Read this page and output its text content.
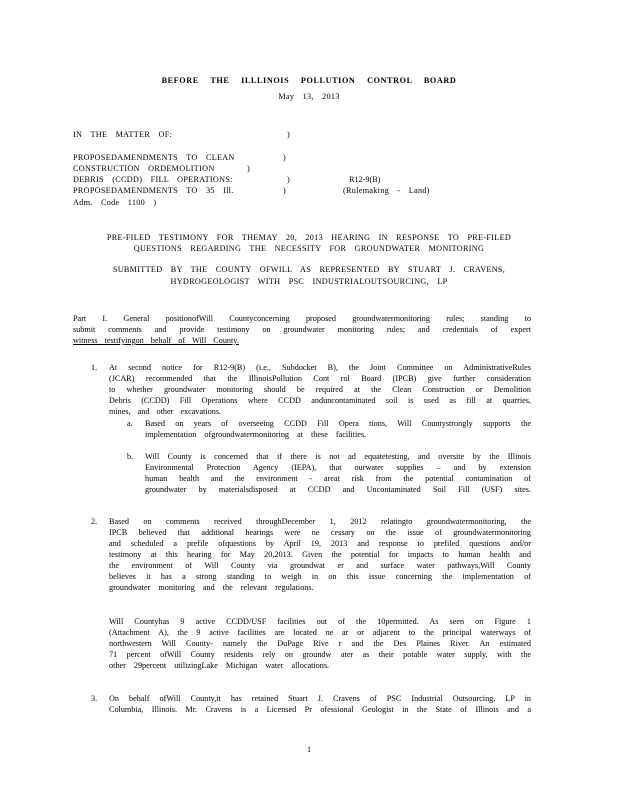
BEFORE THE ILLLINOIS POLLUTION CONTROL BOARD
May 13, 2013
IN THE MATTER OF:	)
PROPOSEDAMENDMENTS TO CLEAN	)
CONSTRUCTION ORDEMOLITION	)
DEBRIS (CCDD) FILL OPERATIONS:	)	R12-9(B)
PROPOSEDAMENDMENTS TO 35 Ill.	)	(Rulemaking - Land)
Adm. Code 1100 )
PRE-FILED TESTIMONY FOR THEMAY 20, 2013 HEARING IN RESPONSE TO PRE-FILED
QUESTIONS REGARDING THE NECESSITY FOR GROUNDWATER MONITORING
SUBMITTED BY THE COUNTY OFWILL AS REPRESENTED BY STUART J. CRAVENS,
HYDROGEOLOGIST WITH PSC INDUSTRIALOUTSOURCING, LP
Part I. General positionofWill Countyconcerning proposed groundwatermonitoring rules; standing to
submit comments and provide testimony on groundwater monitoring rules; and credentials of expert
witness testifyingon behalf of Will County.
1. At second notice for R12-9(B) (i.e., Subdocket B), the Joint Committee on AdministrativeRules
(JCAR) recommended that the IllinoisPollution Cont rol Board (IPCB) give further consideration
to whether groundwater monitoring should be required at the Clean Construction or Demolition
Debris (CCDD) Fill Operations where CCDD anduncontaminated soil is used as fill at quarries,
mines, and other excavations.
a. Based on years of overseeing CCDD Fill Opera tions, Will Countystrongly supports the
implementation ofgroundwatermonitoring at these facilities.
b. Will County is concerned that if there is not ad equatetesting, and oversite by the Illinois
Environmental Protection Agency (IEPA), that ourwater supplies – and by extension
human health and the environment - areat risk from the potential contamination of
groundwater by materialsdisposed at CCDD and Uncontaminated Soil Fill (USF) sites.
2. Based on comments received throughDecember 1, 2012 relatingto groundwatermonitoring, the
IPCB believed that additional hearings were ne cessary on the issue of groundwatermonitoring
and scheduled a prefile ofquestions by April 19, 2013 and response to prefiled questions and/or
testimony at this hearing for May 20,2013. Given the potential for impacts to human health and
the environment of Will County via groundwat er and surface water pathways,Will County
believes it has a strong standing to weigh in on this issue concerning the implementation of
groundwater monitoring and the relevant regulations.
Will Countyhas 9 active CCDD/USF facilities out of the 10permitted. As seen on Figure 1
(Attachment A), the 9 active facilities are located ne ar or adjacent to the principal waterways of
northwestern Will County- namely the DuPage Rive r and the Des Plaines River. An estimated
71 percent ofWill County residents rely on groundw ater as their potable water supply, with the
other 29percent utilizingLake Michigan water allocations.
3. On behalf ofWill County,it has retained Stuart J. Cravens of PSC Industrial Outsourcing, LP in
Columbia, Illinois. Mr. Cravens is a Licensed Pr ofessional Geologist in the State of Illinois and a
1
